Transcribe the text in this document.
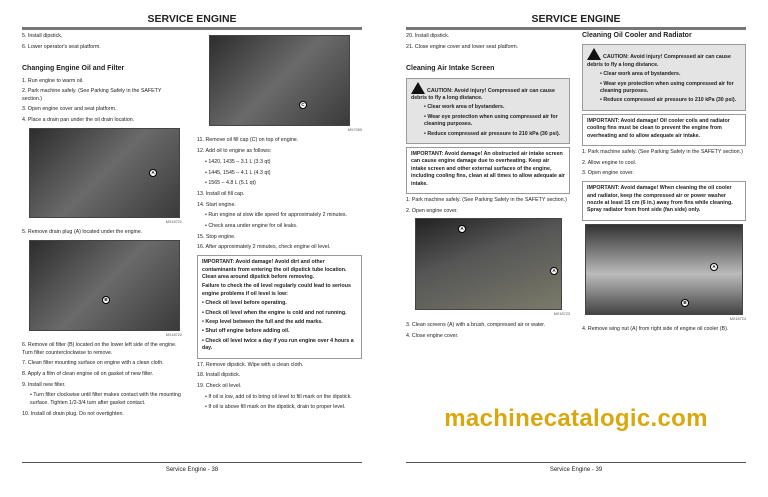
SERVICE ENGINE

5. Install dipstick.

6. Lower operator's seat platform.

Changing Engine Oil and Filter

1. Run engine to warm oil.

2. Park machine safely. (See Parking Safely in the SAFETY section.)

3. Open engine cover and seat platform.

4. Place a drain pan under the oil drain location.

A
MX18721

5. Remove drain plug (A) located under the engine.

B
MX18722

6. Remove oil filter (B) located on the lower left side of the engine. Turn filter counterclockwise to remove.

7. Clean filter mounting surface on engine with a clean cloth.

8. Apply a film of clean engine oil on gasket of new filter.

9. Install new filter.

• Turn filter clockwise until filter makes contact with the mounting surface. Tighten 1/2-3/4 turn after gasket contact.

10. Install oil drain plug. Do not overtighten.

C
MX7050

11. Remove oil fill cap (C) on top of engine.

12. Add oil to engine as follows:

• 1420, 1435 – 3.1 L (3.3 qt)

• 1445, 1545 – 4.1 L (4.3 qt)

• 1565 – 4.8 L (5.1 qt)

13. Install oil fill cap.

14. Start engine.

• Run engine at slow idle speed for approximately 2 minutes.

• Check area under engine for oil leaks.

15. Stop engine.

16. After approximately 2 minutes, check engine oil level.

IMPORTANT: Avoid damage! Avoid dirt and other contaminants from entering the oil dipstick tube location. Clean area around dipstick before removing.

Failure to check the oil level regularly could lead to serious engine problems if oil level is low:

• Check oil level before operating.

• Check oil level when the engine is cold and not running.

• Keep level between the full and the add marks.

• Shut off engine before adding oil.

• Check oil level twice a day if you run engine over 4 hours a day.

17. Remove dipstick. Wipe with a clean cloth.

18. Install dipstick.

19. Check oil level.

• If oil is low, add oil to bring oil level to fill mark on the dipstick.

• If oil is above fill mark on the dipstick, drain to proper level.

Service Engine - 38
SERVICE ENGINE

20. Install dipstick.

21. Close engine cover and lower seat platform.

Cleaning Air Intake Screen

CAUTION: Avoid injury! Compressed air can cause debris to fly a long distance.

• Clear work area of bystanders.

• Wear eye protection when using compressed air for cleaning purposes.

• Reduce compressed air pressure to 210 kPa (30 psi).

IMPORTANT: Avoid damage! An obstructed air intake screen can cause engine damage due to overheating. Keep air intake screen and other external surfaces of the engine, including cooling fins, clean at all times to allow adequate air intake.

1. Park machine safely. (See Parking Safely in the SAFETY section.)

2. Open engine cover.

A
A
MX18723

3. Clean screens (A) with a brush, compressed air or water.

4. Close engine cover.

Cleaning Oil Cooler and Radiator

CAUTION: Avoid injury! Compressed air can cause debris to fly a long distance.

• Clear work area of bystanders.

• Wear eye protection when using compressed air for cleaning purposes.

• Reduce compressed air pressure to 210 kPa (30 psi).

IMPORTANT: Avoid damage! Oil cooler coils and radiator cooling fins must be clean to prevent the engine from overheating and to allow adequate air intake.

1. Park machine safely. (See Parking Safely in the SAFETY section.)

2. Allow engine to cool.

3. Open engine cover.

IMPORTANT: Avoid damage! When cleaning the oil cooler and radiator, keep the compressed air or power washer nozzle at least 15 cm (6 in.) away from fins while cleaning. Spray radiator from front side (fan side) only.

A
B
MX18724

4. Remove wing nut (A) from right side of engine oil cooler (B).

Service Engine - 39
machinecatalogic.com
